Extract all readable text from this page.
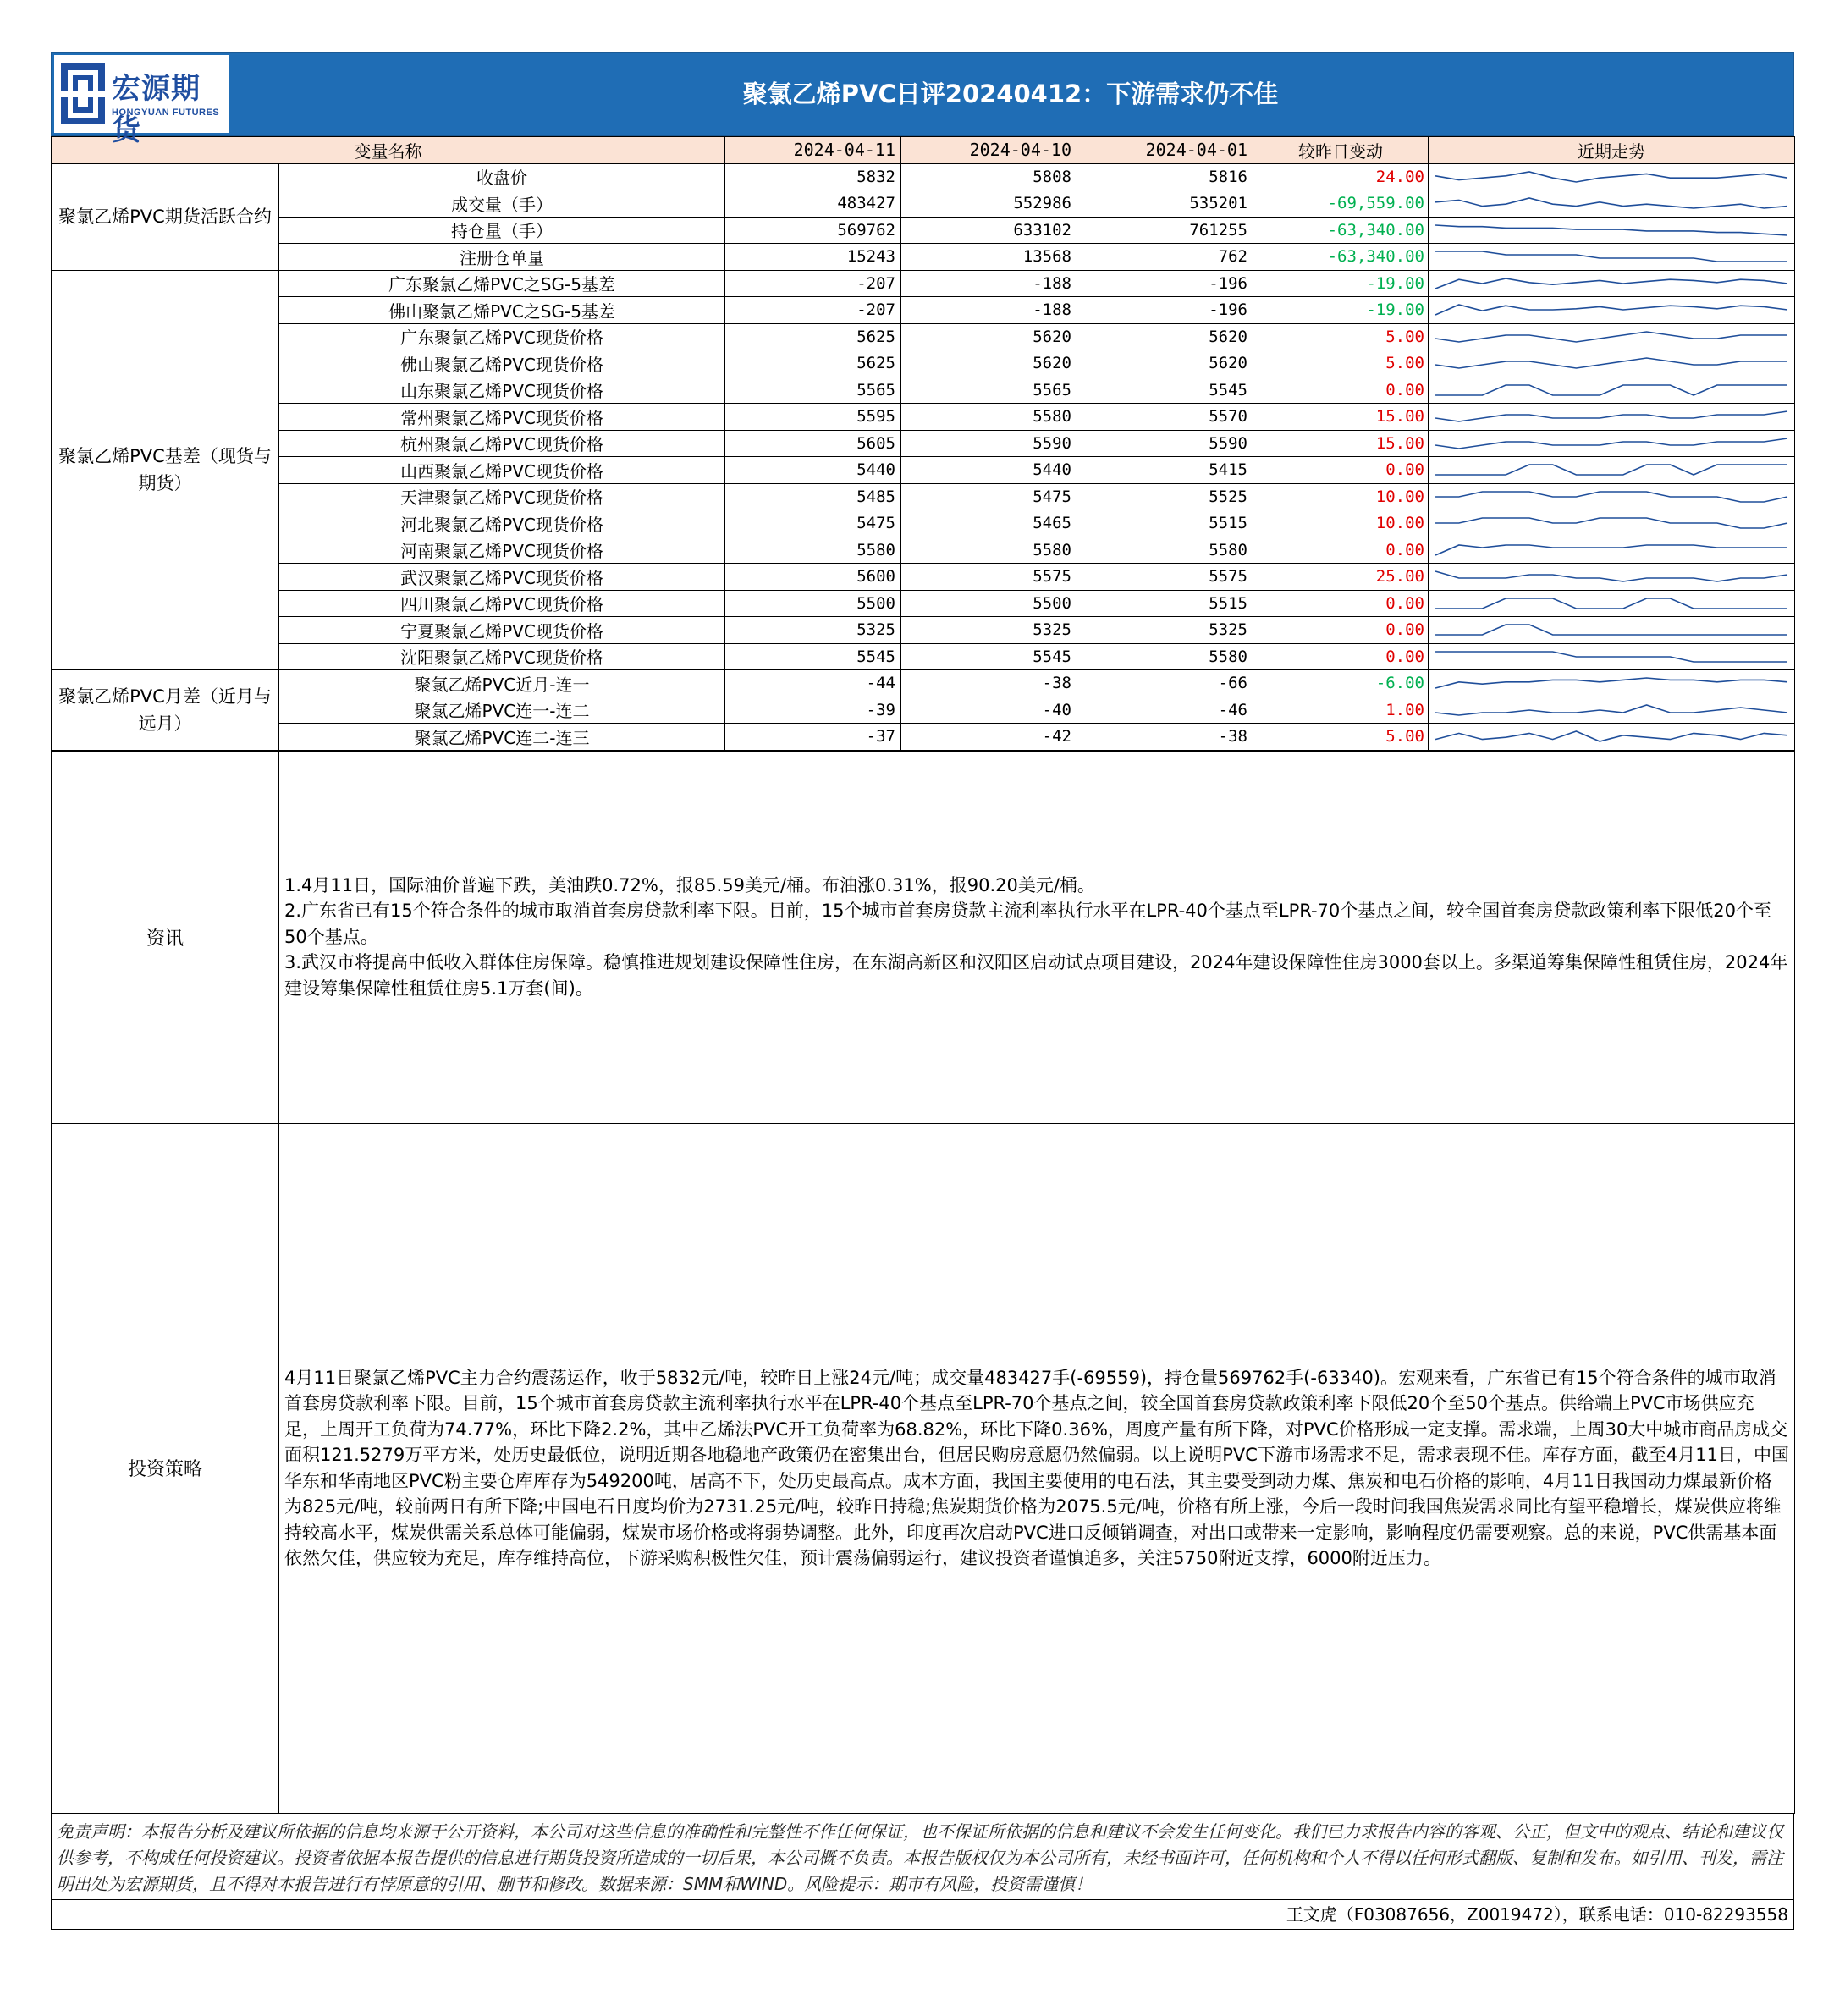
宏源期货
HONGYUAN FUTURES
聚氯乙烯PVC日评20240412：下游需求仍不佳
变量名称		2024-04-11	2024-04-10	2024-04-01	较昨日变动	近期走势
聚氯乙烯PVC期货活跃合约	收盘价	5832	5808	5816	24.00	

	成交量（手）	483427	552986	535201	-69,559.00	

	持仓量（手）	569762	633102	761255	-63,340.00	

	注册仓单量	15243	13568	762	-63,340.00	

聚氯乙烯PVC基差（现货与期货）	广东聚氯乙烯PVC之SG-5基差	-207	-188	-196	-19.00	

	佛山聚氯乙烯PVC之SG-5基差	-207	-188	-196	-19.00	

	广东聚氯乙烯PVC现货价格	5625	5620	5620	5.00	

	佛山聚氯乙烯PVC现货价格	5625	5620	5620	5.00	

	山东聚氯乙烯PVC现货价格	5565	5565	5545	0.00	

	常州聚氯乙烯PVC现货价格	5595	5580	5570	15.00	

	杭州聚氯乙烯PVC现货价格	5605	5590	5590	15.00	

	山西聚氯乙烯PVC现货价格	5440	5440	5415	0.00	

	天津聚氯乙烯PVC现货价格	5485	5475	5525	10.00	

	河北聚氯乙烯PVC现货价格	5475	5465	5515	10.00	

	河南聚氯乙烯PVC现货价格	5580	5580	5580	0.00	

	武汉聚氯乙烯PVC现货价格	5600	5575	5575	25.00	

	四川聚氯乙烯PVC现货价格	5500	5500	5515	0.00	

	宁夏聚氯乙烯PVC现货价格	5325	5325	5325	0.00	

	沈阳聚氯乙烯PVC现货价格	5545	5545	5580	0.00	

聚氯乙烯PVC月差（近月与远月）	聚氯乙烯PVC近月-连一	-44	-38	-66	-6.00	

	聚氯乙烯PVC连一-连二	-39	-40	-46	1.00	

	聚氯乙烯PVC连二-连三	-37	-42	-38	5.00	
资讯	1.4月11日，国际油价普遍下跌，美油跌0.72%，报85.59美元/桶。布油涨0.31%，报90.20美元/桶。

2.广东省已有15个符合条件的城市取消首套房贷款利率下限。目前，15个城市首套房贷款主流利率执行水平在LPR-40个基点至LPR-70个基点之间，较全国首套房贷款政策利率下限低20个至50个基点。

3.武汉市将提高中低收入群体住房保障。稳慎推进规划建设保障性住房，在东湖高新区和汉阳区启动试点项目建设，2024年建设保障性住房3000套以上。多渠道筹集保障性租赁住房，2024年建设筹集保障性租赁住房5.1万套(间)。

投资策略	4月11日聚氯乙烯PVC主力合约震荡运作，收于5832元/吨，较昨日上涨24元/吨；成交量483427手(-69559)，持仓量569762手(-63340)。宏观来看，广东省已有15个符合条件的城市取消首套房贷款利率下限。目前，15个城市首套房贷款主流利率执行水平在LPR-40个基点至LPR-70个基点之间，较全国首套房贷款政策利率下限低20个至50个基点。供给端上PVC市场供应充足，上周开工负荷为74.77%，环比下降2.2%，其中乙烯法PVC开工负荷率为68.82%，环比下降0.36%，周度产量有所下降，对PVC价格形成一定支撑。需求端，上周30大中城市商品房成交面积121.5279万平方米，处历史最低位，说明近期各地稳地产政策仍在密集出台，但居民购房意愿仍然偏弱。以上说明PVC下游市场需求不足，需求表现不佳。库存方面，截至4月11日，中国华东和华南地区PVC粉主要仓库库存为549200吨，居高不下，处历史最高点。成本方面，我国主要使用的电石法，其主要受到动力煤、焦炭和电石价格的影响，4月11日我国动力煤最新价格为825元/吨，较前两日有所下降;中国电石日度均价为2731.25元/吨，较昨日持稳;焦炭期货价格为2075.5元/吨，价格有所上涨，今后一段时间我国焦炭需求同比有望平稳增长，煤炭供应将维持较高水平，煤炭供需关系总体可能偏弱，煤炭市场价格或将弱势调整。此外，印度再次启动PVC进口反倾销调查，对出口或带来一定影响，影响程度仍需要观察。总的来说，PVC供需基本面依然欠佳，供应较为充足，库存维持高位，下游采购积极性欠佳，预计震荡偏弱运行，建议投资者谨慎追多，关注5750附近支撑，6000附近压力。

免责声明：本报告分析及建议所依据的信息均来源于公开资料，本公司对这些信息的准确性和完整性不作任何保证，也不保证所依据的信息和建议不会发生任何变化。我们已力求报告内容的客观、公正，但文中的观点、结论和建议仅供参考，不构成任何投资建议。投资者依据本报告提供的信息进行期货投资所造成的一切后果，本公司概不负责。本报告版权仅为本公司所有，未经书面许可，任何机构和个人不得以任何形式翻版、复制和发布。如引用、刊发，需注明出处为宏源期货，且不得对本报告进行有悖原意的引用、删节和修改。数据来源：SMM和WIND。风险提示：期市有风险，投资需谨慎！
王文虎（F03087656，Z0019472），联系电话：010-82293558
